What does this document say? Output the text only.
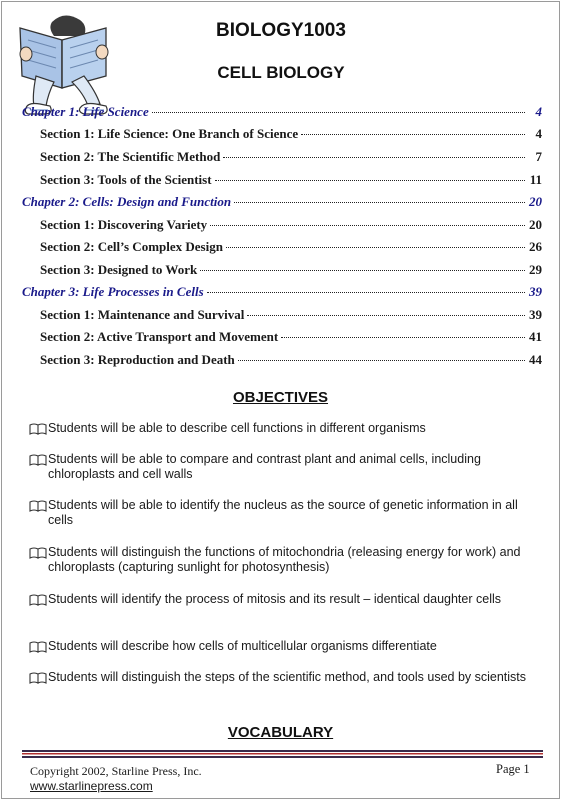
BIOLOGY1003
CELL BIOLOGY
Chapter 1: Life Science	4
Section 1: Life Science: One Branch of Science	4
Section 2: The Scientific Method	7
Section 3: Tools of the Scientist	11
Chapter 2: Cells: Design and Function	20
Section 1: Discovering Variety	20
Section 2: Cell’s Complex Design	26
Section 3: Designed to Work	29
Chapter 3: Life Processes in Cells	39
Section 1: Maintenance and Survival	39
Section 2: Active Transport and Movement	41
Section 3: Reproduction and Death	44
OBJECTIVES
Students will be able to describe cell functions in different organisms
Students will be able to compare and contrast plant and animal cells, including chloroplasts and cell walls
Students will be able to identify the nucleus as the source of genetic information in all cells
Students will distinguish the functions of mitochondria (releasing energy for work) and chloroplasts (capturing sunlight for photosynthesis)
Students will identify the process of mitosis and its result – identical daughter cells
Students will describe how cells of multicellular organisms differentiate
Students will distinguish the steps of the scientific method, and tools used by scientists
VOCABULARY
Copyright 2002, Starline Press, Inc.
www.starlinepress.com
Page 1
